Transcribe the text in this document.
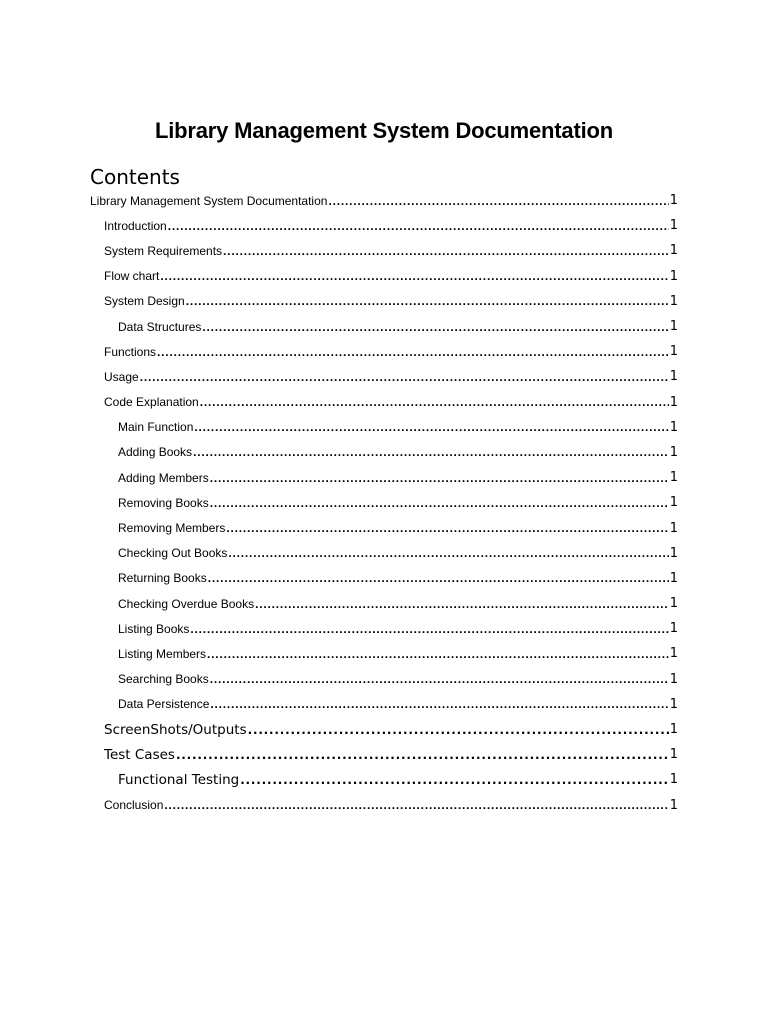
Library Management System Documentation
Contents
Library Management System Documentation .....	1
Introduction .....	1
System Requirements .....	1
Flow chart .....	1
System Design .....	1
Data Structures .....	1
Functions .....	1
Usage .....	1
Code Explanation .....	1
Main Function .....	1
Adding Books .....	1
Adding Members .....	1
Removing Books .....	1
Removing Members .....	1
Checking Out Books .....	1
Returning Books .....	1
Checking Overdue Books .....	1
Listing Books .....	1
Listing Members .....	1
Searching Books .....	1
Data Persistence .....	1
ScreenShots/Outputs .....	1
Test Cases .....	1
Functional Testing .....	1
Conclusion .....	1
